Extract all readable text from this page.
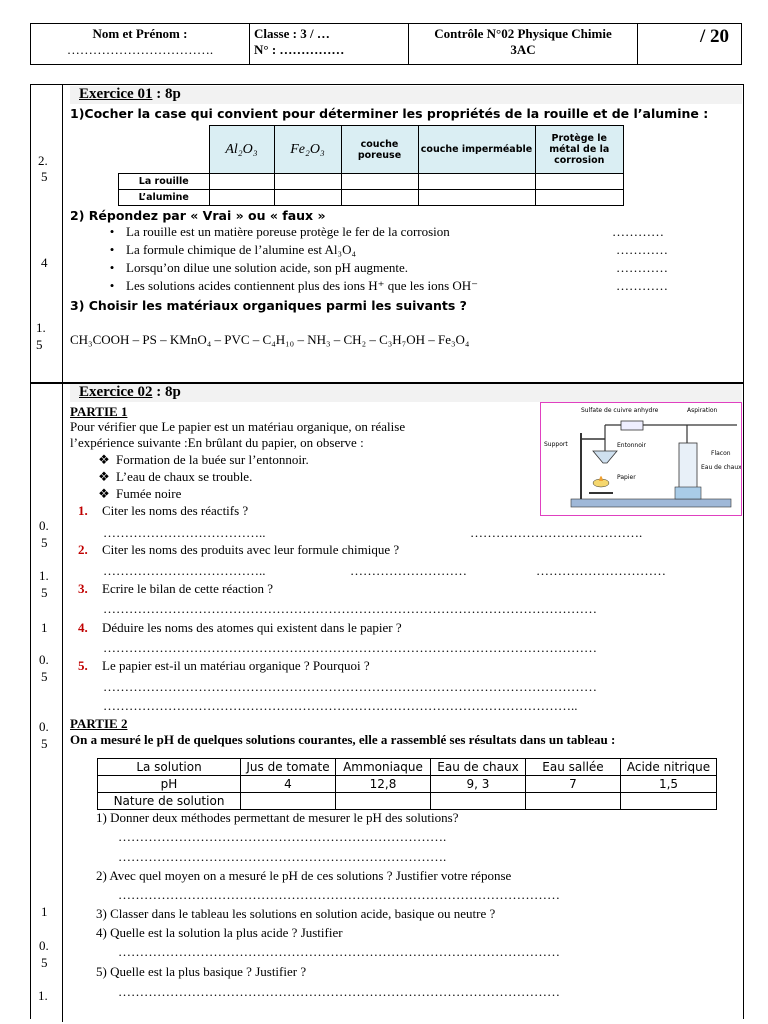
Nom et Prénom :
…………………………….

Classe : 3 / …
N° : ……………

Contrôle N°02 Physique Chimie
3AC

/ 20
2.
5
4
1.
5
0.
5
1.
5
1
0.
5
0.
5
1
0.
5
1.
Exercice 01 : 8p
1)Cocher la case qui convient pour déterminer les propriétés de la rouille et de l’alumine :
	Al₂O₃	Fe₂O₃	couche poreuse	couche imperméable	Protège le métal de la corrosion
La rouille					
L’alumine					
2) Répondez par « Vrai » ou « faux »
• La rouille est un matière poreuse protège le fer de la corrosion	…………
• La formule chimique de l’alumine est Al₃O₄	…………
• Lorsqu’on dilue une solution acide, son pH augmente.	…………
• Les solutions acides contiennent plus des ions H⁺ que les ions OH⁻	…………
3) Choisir les matériaux organiques parmi les suivants ?
CH₃COOH – PS – KMnO₄ – PVC – C₄H₁₀ – NH₃ – CH₂ – C₃H₇OH – Fe₃O₄
Exercice 02 : 8p
PARTIE 1
Pour vérifier que Le papier est un matériau organique, on réalise
l’expérience suivante :En brûlant du papier, on observe :
❖ Formation de la buée sur l’entonnoir.
❖ L’eau de chaux se trouble.
❖ Fumée noire
Sulfate de cuivre anhydre	Aspiration
Support	Entonnoir
Flacon
Eau de chaux
Papier
1. Citer les noms des réactifs ?
………………………………..	………………………………….
2. Citer les noms des produits avec leur formule chimique ?
………………………………..	………………………	…………………………
3. Ecrire le bilan de cette réaction ?
……………………………………………………………………………………………………
4. Déduire les noms des atomes qui existent dans le papier ?
……………………………………………………………………………………………………
5. Le papier est-il un matériau organique ? Pourquoi ?
……………………………………………………………………………………………………
………………………………………………………………………………………………..
PARTIE 2
On a mesuré le pH de quelques solutions courantes, elle a rassemblé ses résultats dans un tableau :
La solution	Jus de tomate	Ammoniaque	Eau de chaux	Eau sallée	Acide nitrique
pH	4	12,8	9, 3	7	1,5
Nature de solution					
1) Donner deux méthodes permettant de mesurer le pH des solutions?
………………………………………………………………….
………………………………………………………………….
2) Avec quel moyen on a mesuré le pH de ces solutions ? Justifier votre réponse
…………………………………………………………………………………………
3) Classer dans le tableau les solutions en solution acide, basique ou neutre ?
4) Quelle est la solution la plus acide ? Justifier
…………………………………………………………………………………………
5) Quelle est la plus basique ? Justifier ?
…………………………………………………………………………………………
